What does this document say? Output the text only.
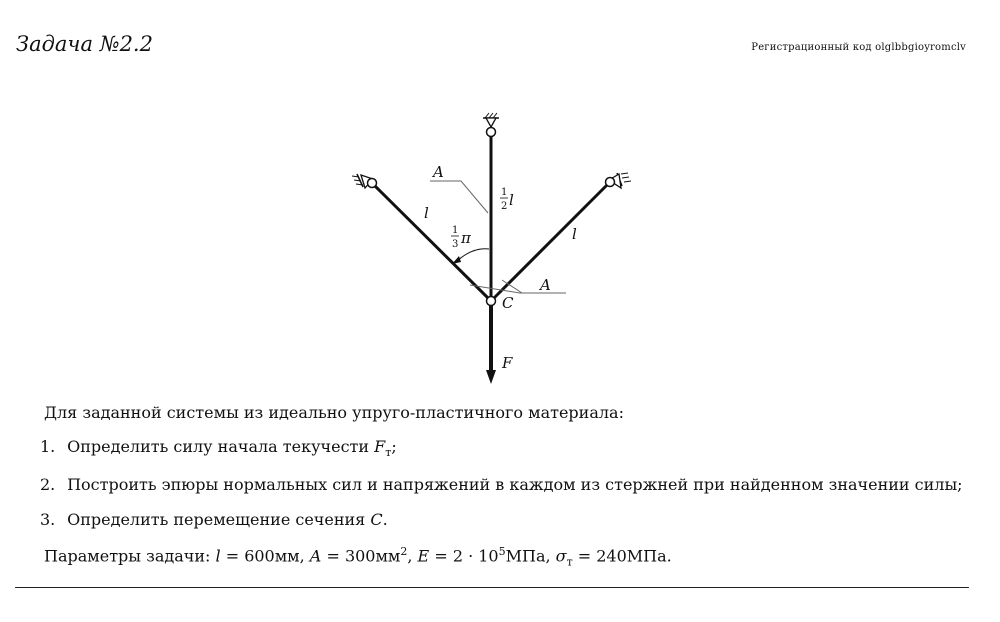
Задача №2.2	Регистрационный код olglbbgioyromclv
A
A
C
F
l
l
1
2 l
1
3 π

Для заданной системы из идеально упруго-пластичного материала:

1. Определить силу начала текучести $F_т$;
2. Построить эпюры нормальных сил и напряжений в каждом из стержней при найденном значении силы;
3. Определить перемещение сечения C.

Параметры задачи: l = 600мм, $A = 300мм^2$, $E = 2 \cdot 10^5МПа$, $\sigma_т = 240МПа$.
